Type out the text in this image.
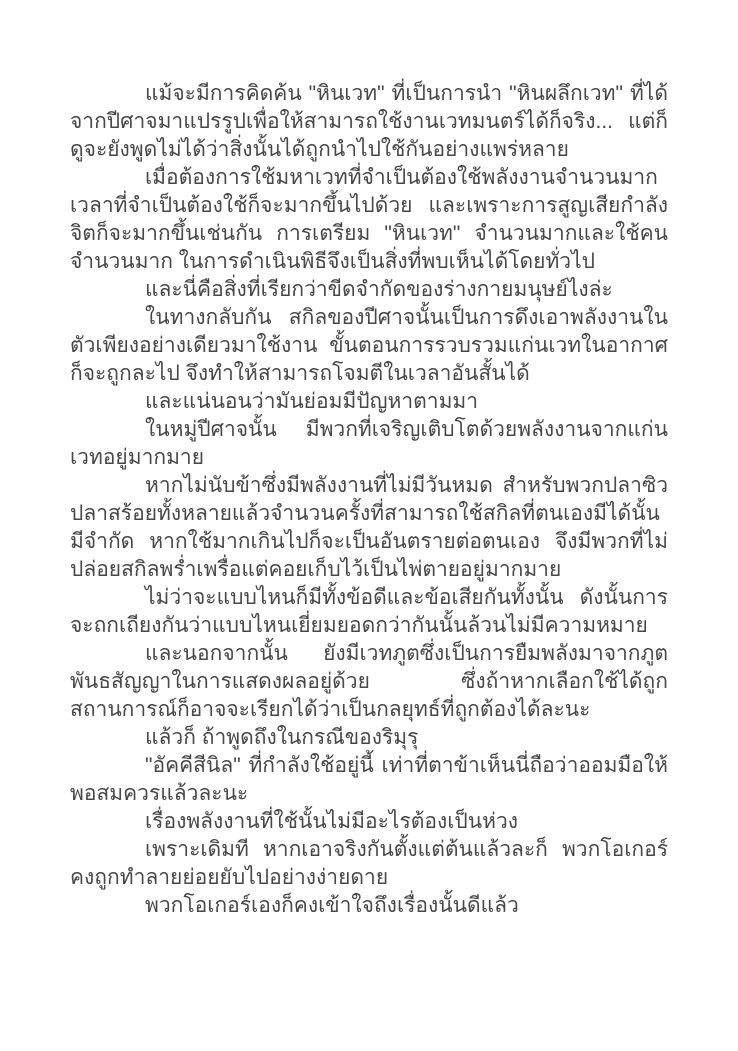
แม้จะมีการคิดค้น "หินเวท" ที่เป็นการนำ "หินผลึกเวท" ที่ได้จากปีศาจมาแปรรูปเพื่อให้สามารถใช้งานเวทมนตร์ได้ก็จริง... แต่ก็ดูจะยังพูดไม่ได้ว่าสิ่งนั้นได้ถูกนำไปใช้กันอย่างแพร่หลาย

เมื่อต้องการใช้มหาเวทที่จำเป็นต้องใช้พลังงานจำนวนมาก เวลาที่จำเป็นต้องใช้ก็จะมากขึ้นไปด้วย และเพราะการสูญเสียกำลังจิตก็จะมากขึ้นเช่นกัน การเตรียม "หินเวท" จำนวนมากและใช้คนจำนวนมาก ในการดำเนินพิธีจึงเป็นสิ่งที่พบเห็นได้โดยทั่วไป

และนี่คือสิ่งที่เรียกว่าขีดจำกัดของร่างกายมนุษย์ไงล่ะ

ในทางกลับกัน สกิลของปีศาจนั้นเป็นการดึงเอาพลังงานในตัวเพียงอย่างเดียวมาใช้งาน ขั้นตอนการรวบรวมแก่นเวทในอากาศก็จะถูกละไป จึงทำให้สามารถโจมตีในเวลาอันสั้นได้

และแน่นอนว่ามันย่อมมีปัญหาตามมา

ในหมู่ปีศาจนั้น มีพวกที่เจริญเติบโตด้วยพลังงานจากแก่นเวทอยู่มากมาย

หากไม่นับข้าซึ่งมีพลังงานที่ไม่มีวันหมด สำหรับพวกปลาซิวปลาสร้อยทั้งหลายแล้วจำนวนครั้งที่สามารถใช้สกิลที่ตนเองมีได้นั้นมีจำกัด หากใช้มากเกินไปก็จะเป็นอันตรายต่อตนเอง จึงมีพวกที่ไม่ปล่อยสกิลพร่ำเพรื่อแต่คอยเก็บไว้เป็นไพ่ตายอยู่มากมาย

ไม่ว่าจะแบบไหนก็มีทั้งข้อดีและข้อเสียกันทั้งนั้น ดังนั้นการจะถกเถียงกันว่าแบบไหนเยี่ยมยอดกว่ากันนั้นล้วนไม่มีความหมาย

และนอกจากนั้น ยังมีเวทภูตซึ่งเป็นการยืมพลังมาจากภูตพันธสัญญาในการแสดงผลอยู่ด้วย ซึ่งถ้าหากเลือกใช้ได้ถูกสถานการณ์ก็อาจจะเรียกได้ว่าเป็นกลยุทธ์ที่ถูกต้องได้ละนะ

แล้วก็ ถ้าพูดถึงในกรณีของริมุรุ

"อัคคีสีนิล" ที่กำลังใช้อยู่นี้ เท่าที่ตาข้าเห็นนี่ถือว่าออมมือให้พอสมควรแล้วละนะ

เรื่องพลังงานที่ใช้นั้นไม่มีอะไรต้องเป็นห่วง

เพราะเดิมที หากเอาจริงกันตั้งแต่ต้นแล้วละก็ พวกโอเกอร์คงถูกทำลายย่อยยับไปอย่างง่ายดาย

พวกโอเกอร์เองก็คงเข้าใจถึงเรื่องนั้นดีแล้ว
